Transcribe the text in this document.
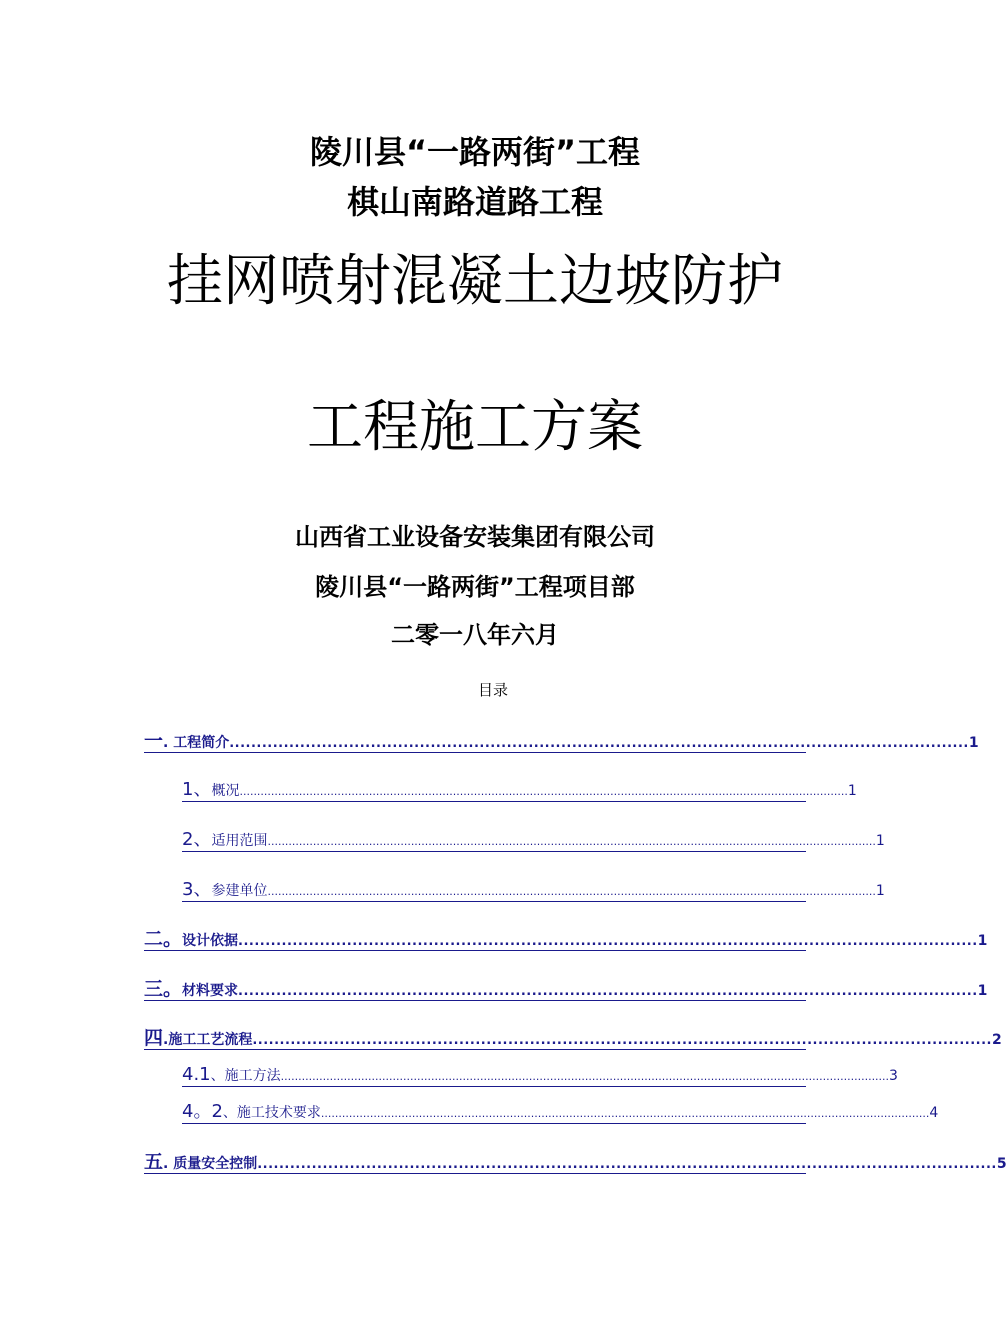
陵川县“一路两街”工程
棋山南路道路工程
挂网喷射混凝土边坡防护
工程施工方案
山西省工业设备安装集团有限公司
陵川县“一路两街”工程项目部
二零一八年六月
目录
一 . 工程简介 ........................................................................................................................................ 1
1、 概况 .............................................................................................................................................................................. 1
2、 适用范围 .............................................................................................................................................................................. 1
3、 参建单位 .............................................................................................................................................................................. 1
二。 设计依据 ........................................................................................................................................ 1
三。 材料要求 ........................................................................................................................................ 1
四 .施工工艺流程 ........................................................................................................................................ 2
4.1 、施工方法 .............................................................................................................................................................................. 3
4。2 、施工技术要求 .............................................................................................................................................................................. 4
五 . 质量安全控制 ........................................................................................................................................ 5
